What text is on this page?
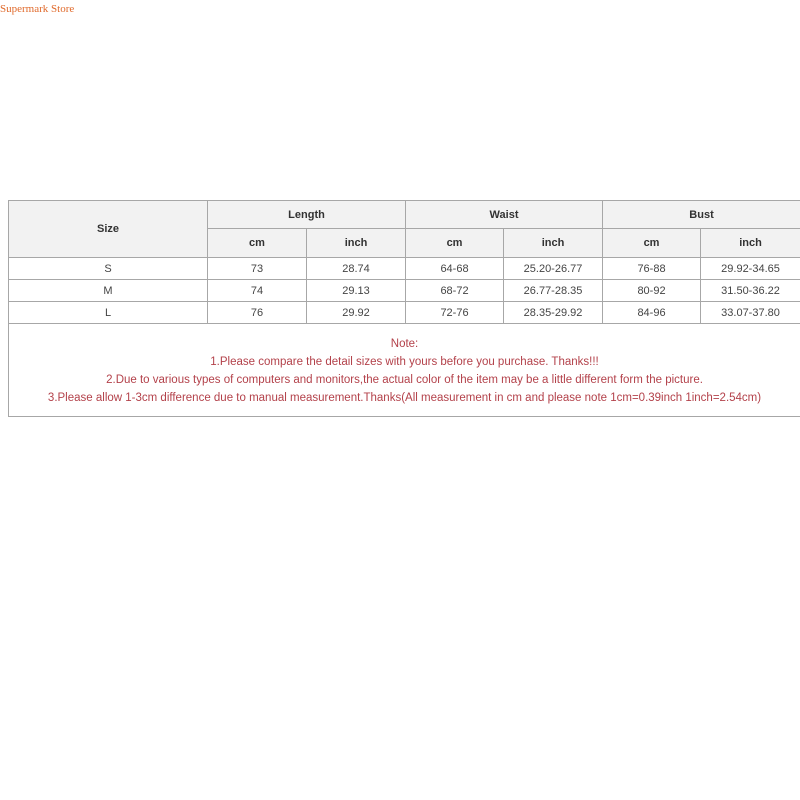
Supermark Store
Size	Length		Waist		Bust	
	cm	inch	cm	inch	cm	inch
S	73	28.74	64-68	25.20-26.77	76-88	29.92-34.65
M	74	29.13	68-72	26.77-28.35	80-92	31.50-36.22
L	76	29.92	72-76	28.35-29.92	84-96	33.07-37.80

Note:
1.Please compare the detail sizes with yours before you purchase. Thanks!!!
2.Due to various types of computers and monitors,the actual color of the item may be a little different form the picture.
3.Please allow 1-3cm difference due to manual measurement.Thanks(All measurement in cm and please note 1cm=0.39inch 1inch=2.54cm)						
